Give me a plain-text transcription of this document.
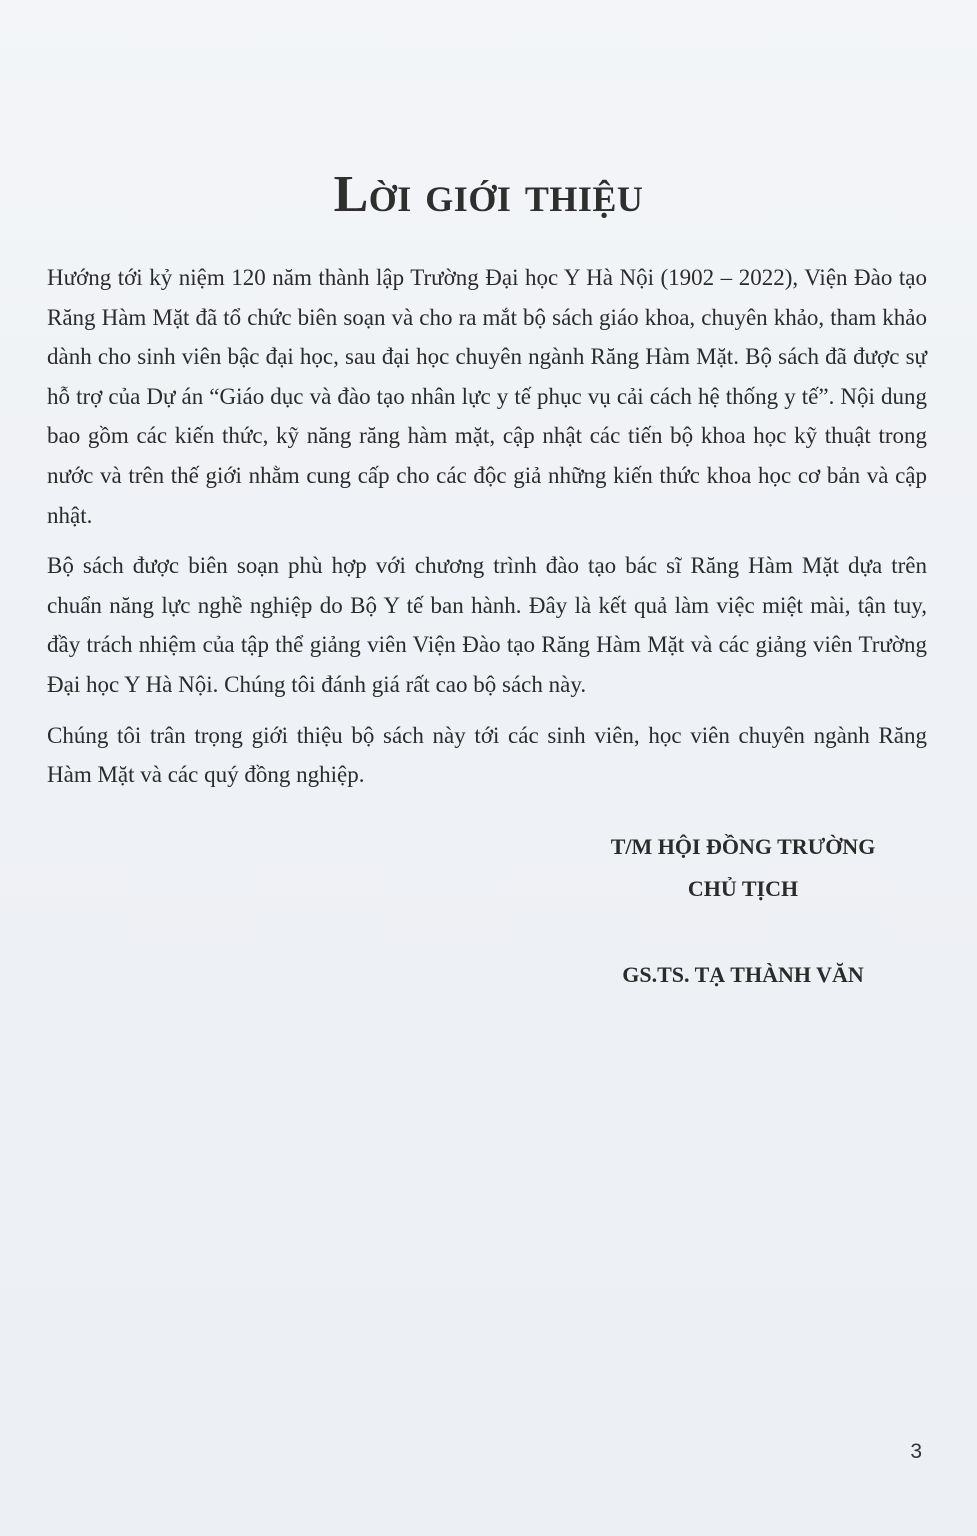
Lời giới thiệu

Hướng tới kỷ niệm 120 năm thành lập Trường Đại học Y Hà Nội (1902 – 2022), Viện Đào tạo Răng Hàm Mặt đã tổ chức biên soạn và cho ra mắt bộ sách giáo khoa, chuyên khảo, tham khảo dành cho sinh viên bậc đại học, sau đại học chuyên ngành Răng Hàm Mặt. Bộ sách đã được sự hỗ trợ của Dự án “Giáo dục và đào tạo nhân lực y tế phục vụ cải cách hệ thống y tế”. Nội dung bao gồm các kiến thức, kỹ năng răng hàm mặt, cập nhật các tiến bộ khoa học kỹ thuật trong nước và trên thế giới nhằm cung cấp cho các độc giả những kiến thức khoa học cơ bản và cập nhật.

Bộ sách được biên soạn phù hợp với chương trình đào tạo bác sĩ Răng Hàm Mặt dựa trên chuẩn năng lực nghề nghiệp do Bộ Y tế ban hành. Đây là kết quả làm việc miệt mài, tận tuy, đầy trách nhiệm của tập thể giảng viên Viện Đào tạo Răng Hàm Mặt và các giảng viên Trường Đại học Y Hà Nội. Chúng tôi đánh giá rất cao bộ sách này.

Chúng tôi trân trọng giới thiệu bộ sách này tới các sinh viên, học viên chuyên ngành Răng Hàm Mặt và các quý đồng nghiệp.

T/M HỘI ĐỒNG TRƯỜNG

CHỦ TỊCH

GS.TS. TẠ THÀNH VĂN

3
